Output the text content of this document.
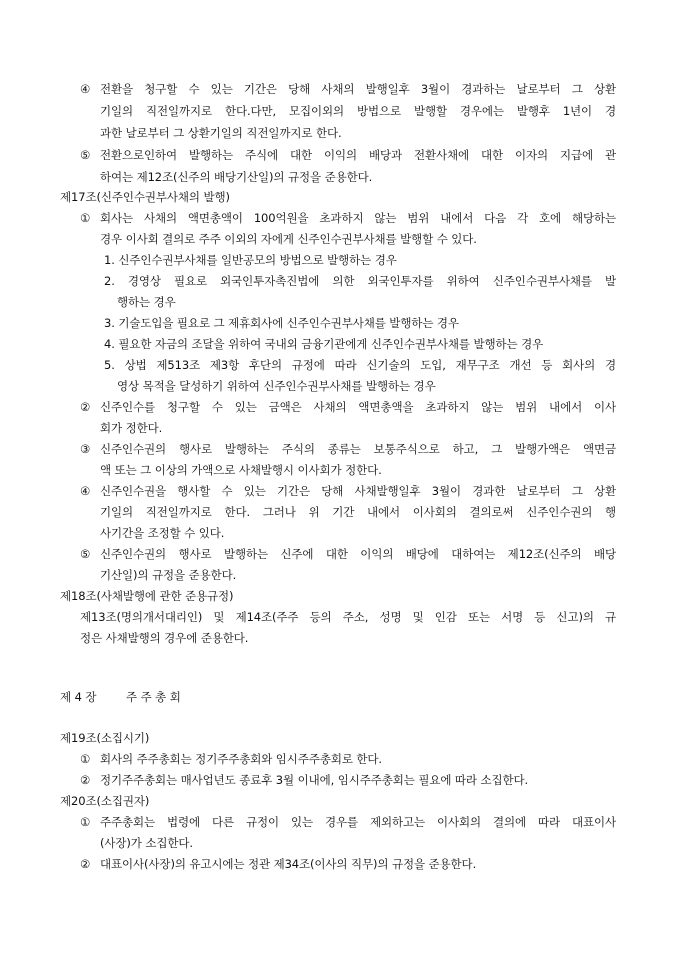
④ 전환을 청구할 수 있는 기간은 당해 사채의 발행일후 3월이 경과하는 날로부터 그 상환
기일의 직전일까지로 한다.다만, 모집이외의 방법으로 발행할 경우에는 발행후 1년이 경
과한 날로부터 그 상환기일의 직전일까지로 한다.
⑤ 전환으로인하여 발행하는 주식에 대한 이익의 배당과 전환사채에 대한 이자의 지급에 관
하여는 제12조(신주의 배당기산일)의 규정을 준용한다.
제17조(신주인수권부사채의 발행)
① 회사는 사채의 액면총액이 100억원을 초과하지 않는 범위 내에서 다음 각 호에 해당하는
경우 이사회 결의로 주주 이외의 자에게 신주인수권부사채를 발행할 수 있다.
1. 신주인수권부사채를 일반공모의 방법으로 발행하는 경우
2. 경영상 필요로 외국인투자촉진법에 의한 외국인투자를 위하여 신주인수권부사채를 발
행하는 경우
3. 기술도입을 필요로 그 제휴회사에 신주인수권부사채를 발행하는 경우
4. 필요한 자금의 조달을 위하여 국내외 금융기관에게 신주인수권부사채를 발행하는 경우
5. 상법 제513조 제3항 후단의 규정에 따라 신기술의 도입, 재무구조 개선 등 회사의 경
영상 목적을 달성하기 위하여 신주인수권부사채를 발행하는 경우
② 신주인수를 청구할 수 있는 금액은 사채의 액면총액을 초과하지 않는 범위 내에서 이사
회가 정한다.
③ 신주인수권의 행사로 발행하는 주식의 종류는 보통주식으로 하고, 그 발행가액은 액면금
액 또는 그 이상의 가액으로 사채발행시 이사회가 정한다.
④ 신주인수권을 행사할 수 있는 기간은 당해 사채발행일후 3월이 경과한 날로부터 그 상환
기일의 직전일까지로 한다. 그러나 위 기간 내에서 이사회의 결의로써 신주인수권의 행
사기간을 조정할 수 있다.
⑤ 신주인수권의 행사로 발행하는 신주에 대한 이익의 배당에 대하여는 제12조(신주의 배당
기산일)의 규정을 준용한다.
제18조(사채발행에 관한 준용규정)
제13조(명의개서대리인) 및 제14조(주주 등의 주소, 성명 및 인감 또는 서명 등 신고)의 규
정은 사채발행의 경우에 준용한다.
제 4 장	주 주 총 회
제19조(소집시기)
① 회사의 주주총회는 정기주주총회와 임시주주총회로 한다.
② 정기주주총회는 매사업년도 종료후 3월 이내에, 임시주주총회는 필요에 따라 소집한다.
제20조(소집권자)
① 주주총회는 법령에 다른 규정이 있는 경우를 제외하고는 이사회의 결의에 따라 대표이사
(사장)가 소집한다.
② 대표이사(사장)의 유고시에는 정관 제34조(이사의 직무)의 규정을 준용한다.
